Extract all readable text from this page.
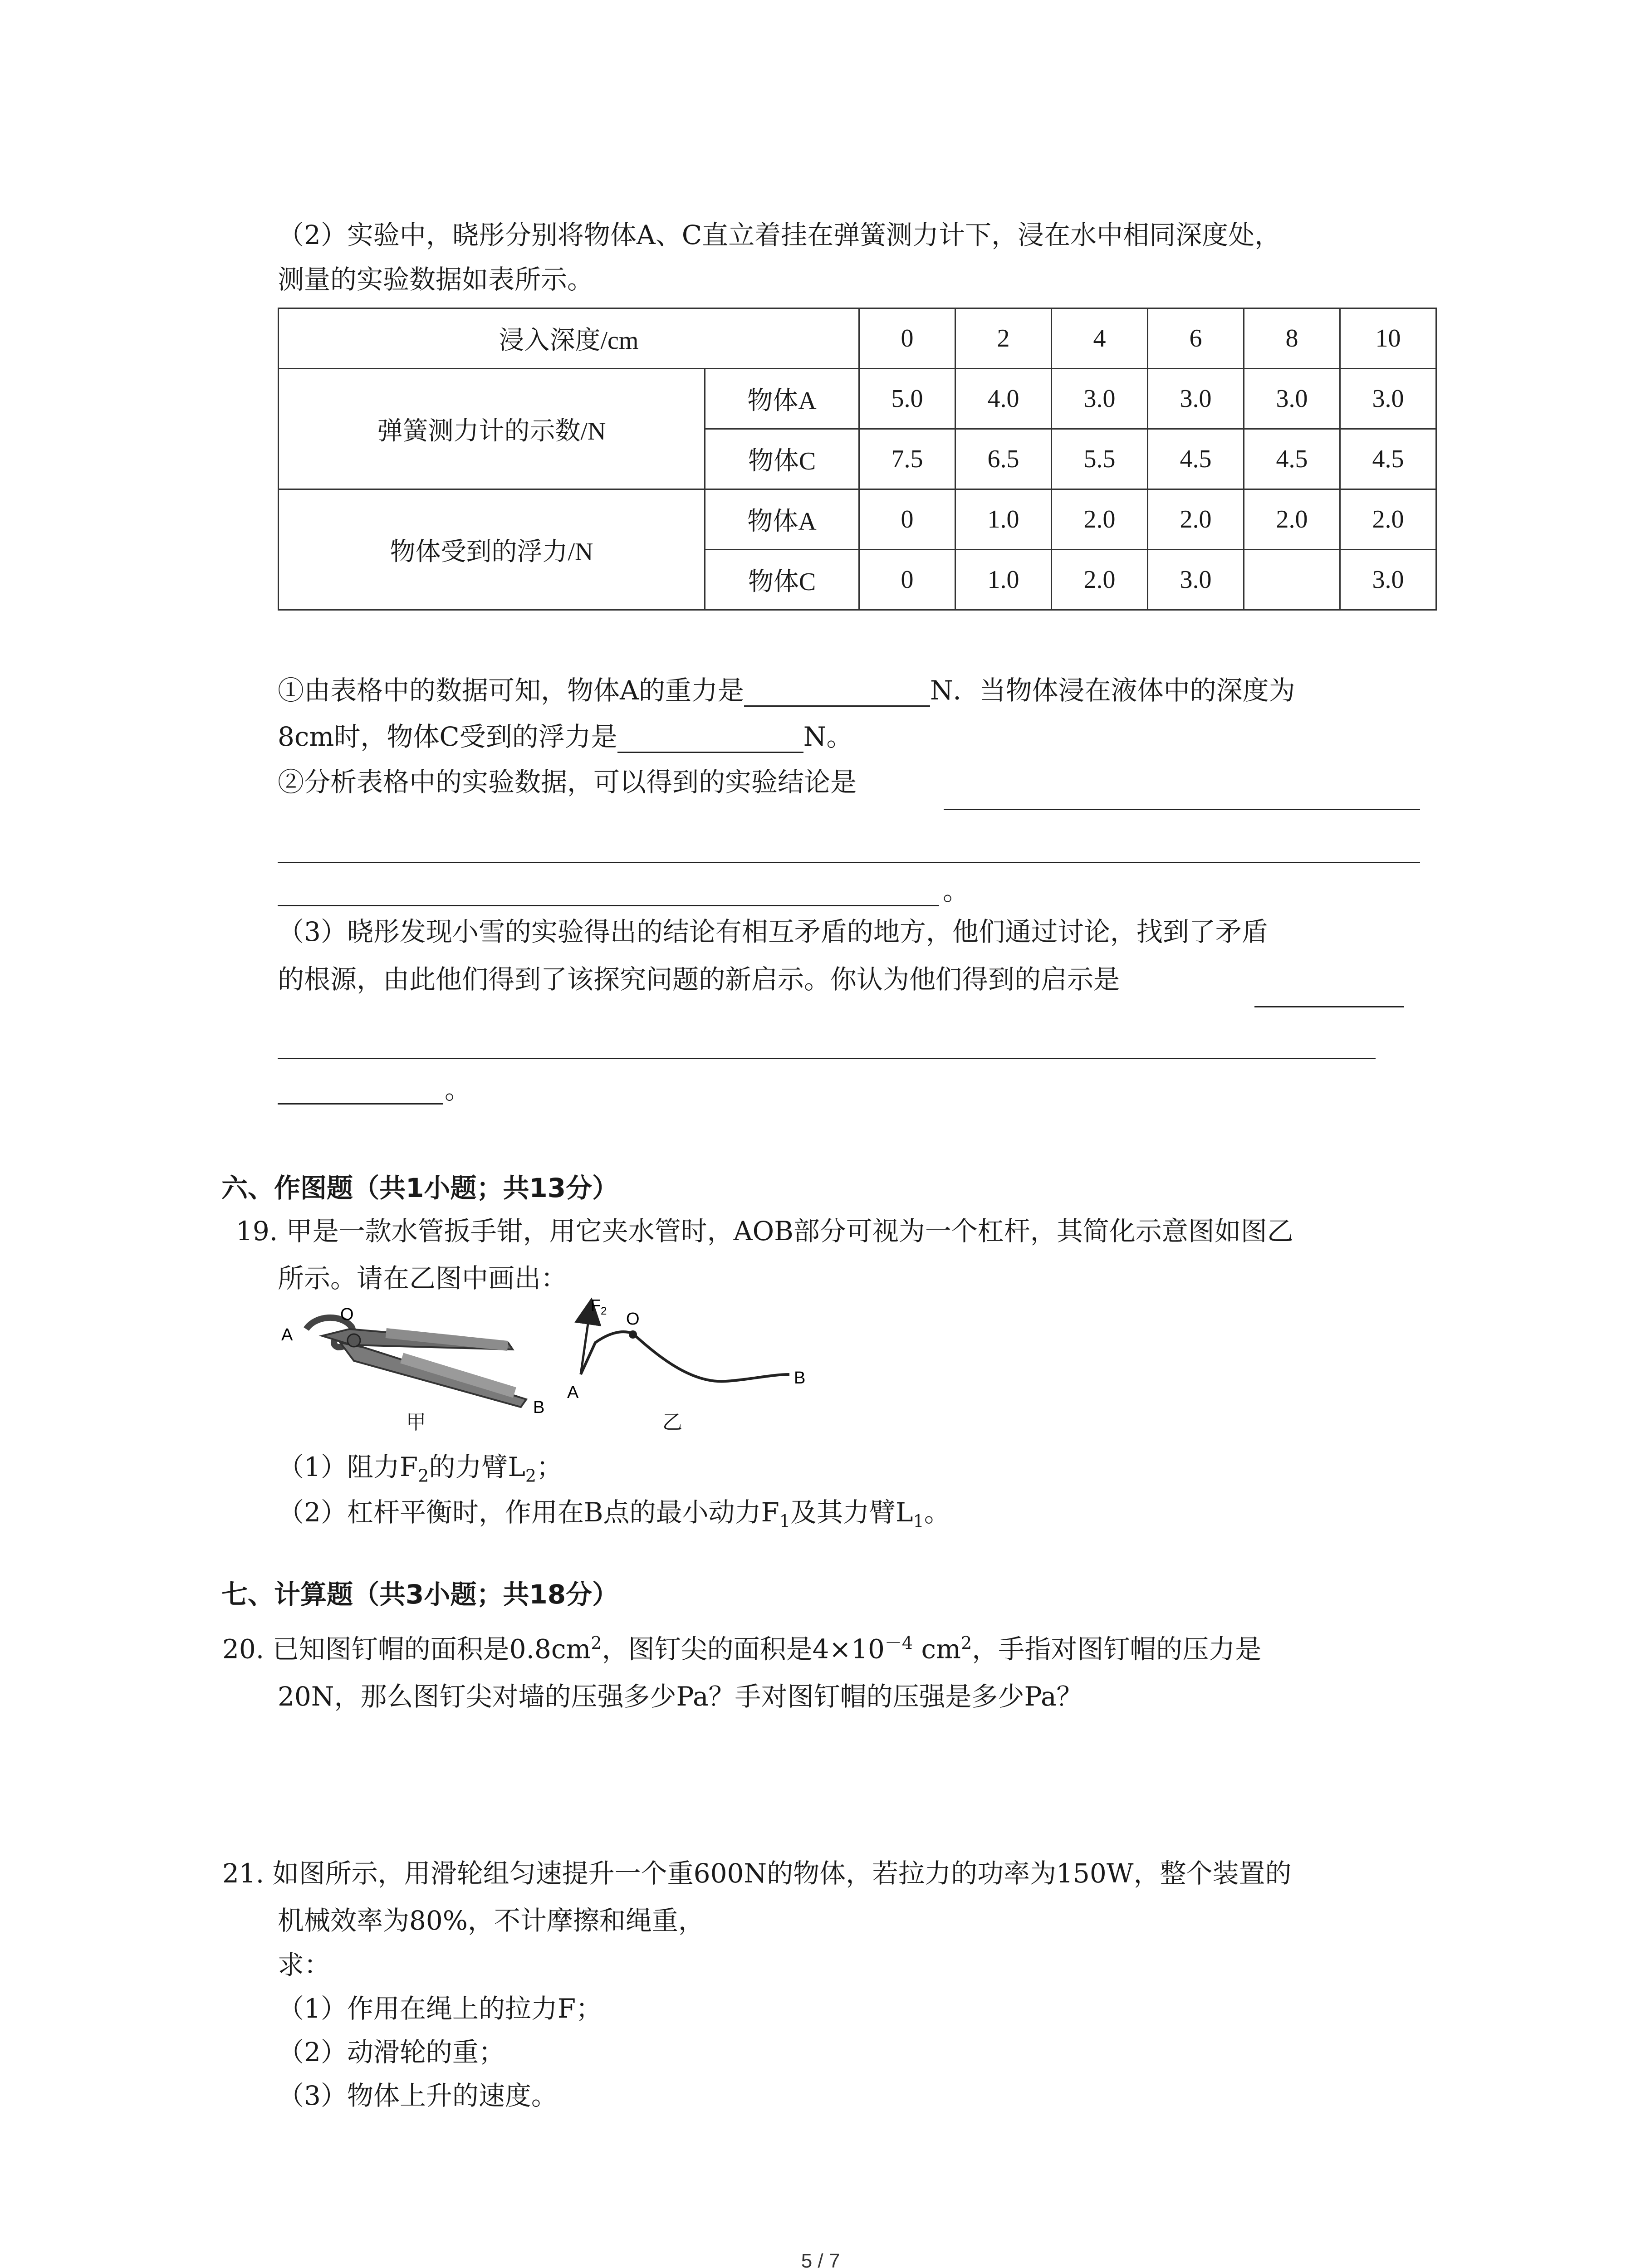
（2）实验中，晓彤分别将物体A、C直立着挂在弹簧测力计下，浸在水中相同深度处，
测量的实验数据如表所示。
浸入深度/cm		0	2	4	6	8	10
弹簧测力计的示数/N	物体A	5.0	4.0	3.0	3.0	3.0	3.0
	物体C	7.5	6.5	5.5	4.5	4.5	4.5
物体受到的浮力/N	物体A	0	1.0	2.0	2.0	2.0	2.0
	物体C	0	1.0	2.0	3.0		3.0
①由表格中的数据可知，物体A的重力是	N．当物体浸在液体中的深度为
8cm时，物体C受到的浮力是	N。
②分析表格中的实验数据，可以得到的实验结论是
。
（3）晓彤发现小雪的实验得出的结论有相互矛盾的地方，他们通过讨论，找到了矛盾
的根源，由此他们得到了该探究问题的新启示。你认为他们得到的启示是
。
六、作图题（共1小题；共13分）
19. 甲是一款水管扳手钳，用它夹水管时，AOB部分可视为一个杠杆，其简化示意图如图乙
所示。请在乙图中画出：
A
O
B
甲
$F_2$
A
O
B
乙
（1）阻力$F_2$的力臂$L_2$；
（2）杠杆平衡时，作用在B点的最小动力$F_1$及其力臂$L_1$。
七、计算题（共3小题；共18分）
20. 已知图钉帽的面积是$0.8cm^2$，图钉尖的面积是$4\times 10^{-4}$ $cm^2$，手指对图钉帽的压力是
20N，那么图钉尖对墙的压强多少Pa？手对图钉帽的压强是多少Pa？
21. 如图所示，用滑轮组匀速提升一个重600N的物体，若拉力的功率为150W，整个装置的
机械效率为80%，不计摩擦和绳重，
求：
（1）作用在绳上的拉力F；
（2）动滑轮的重；
（3）物体上升的速度。
5 / 7
